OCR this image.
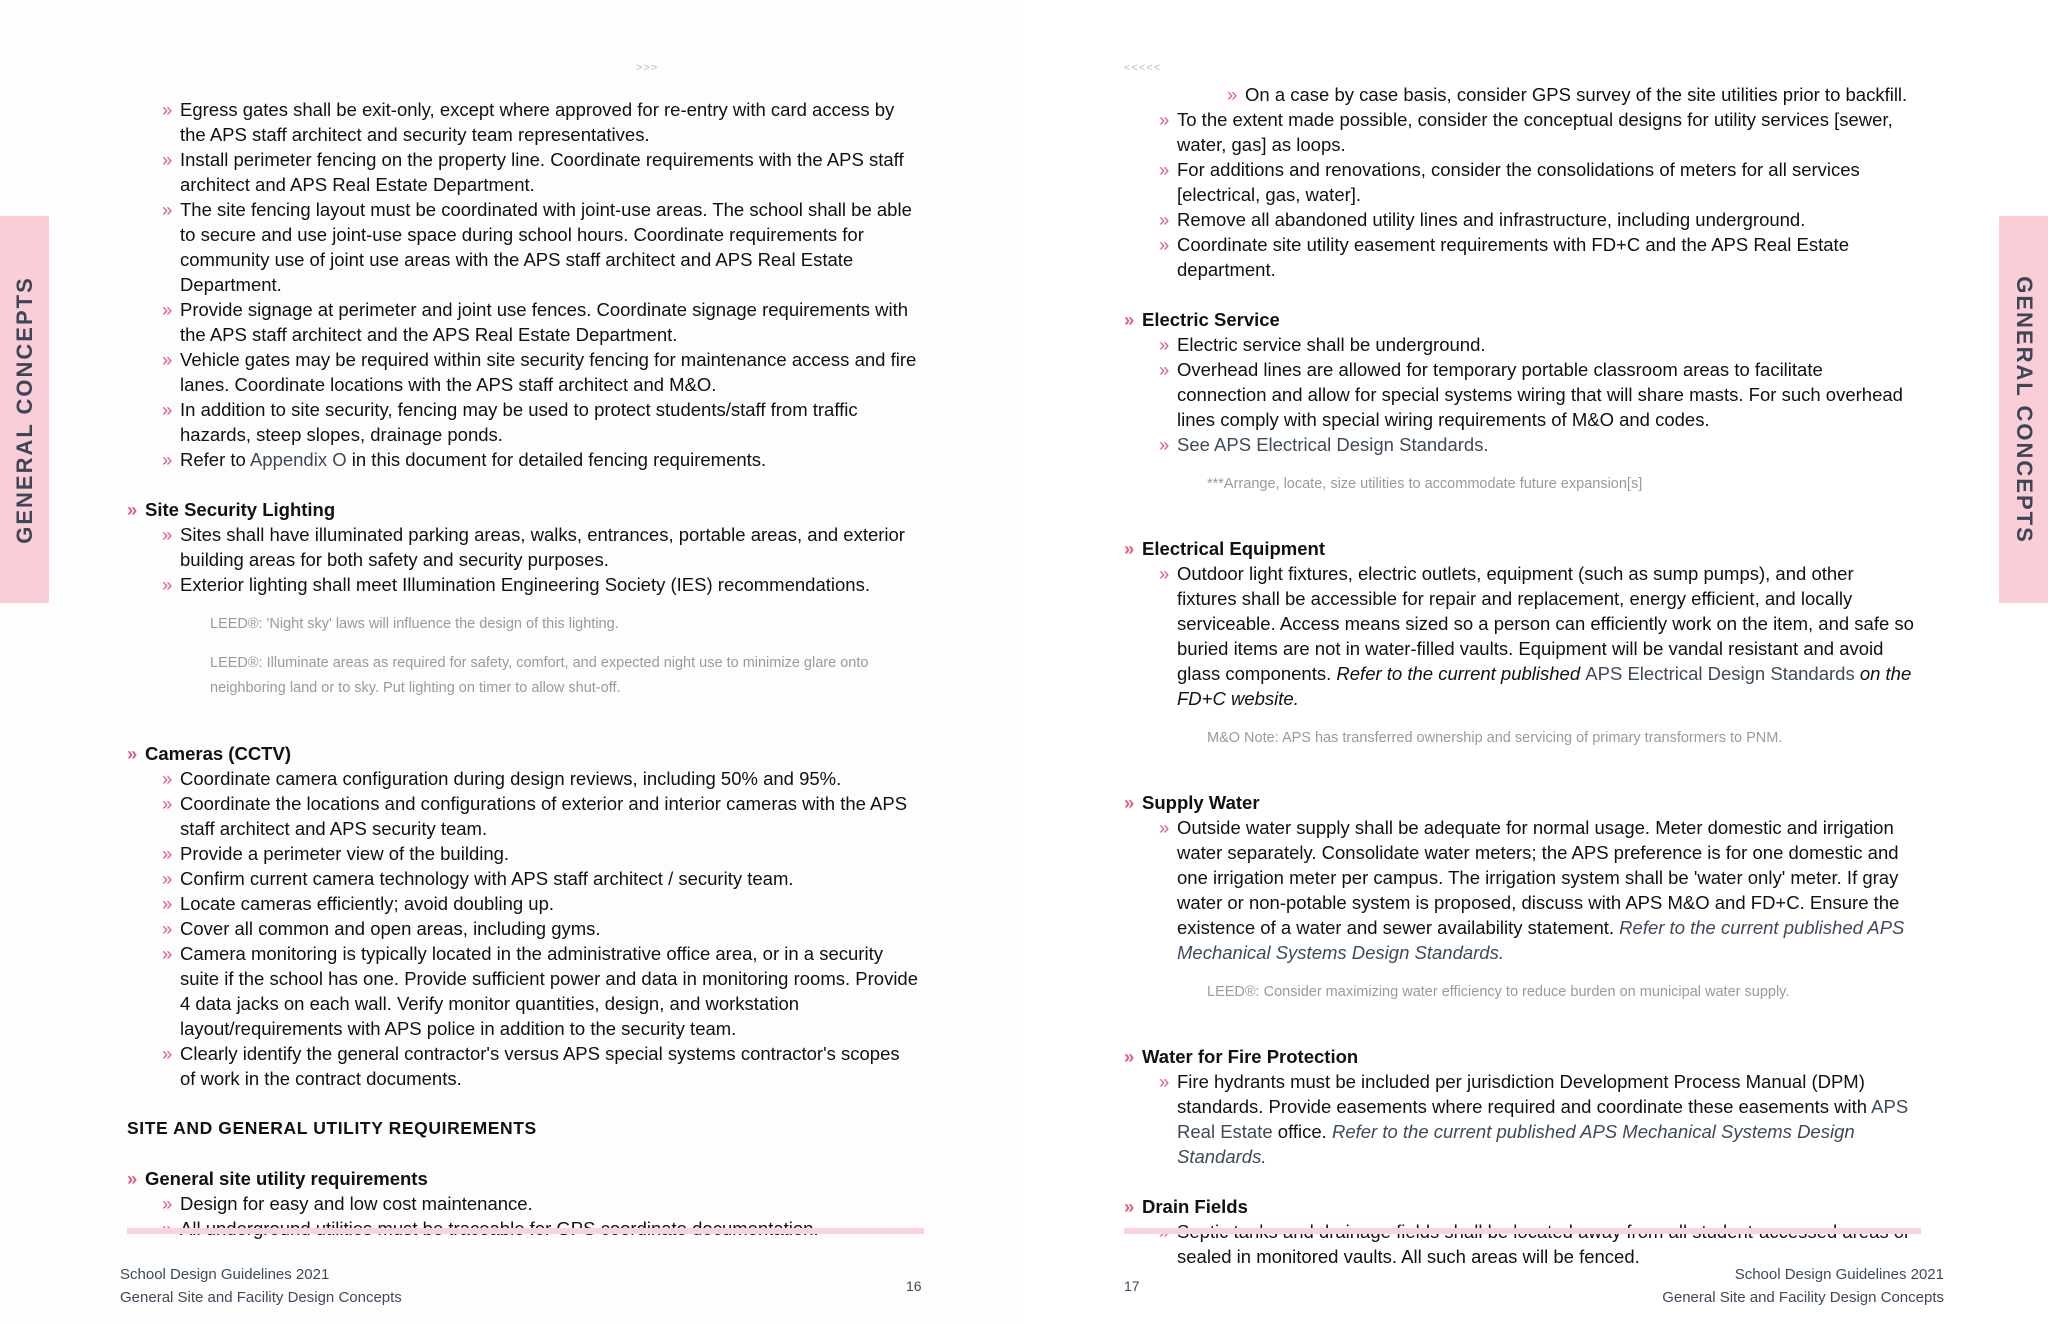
GENERAL CONCEPTS
>>>

» Egress gates shall be exit-only, except where approved for re-entry with card access by the APS staff architect and security team representatives.

» Install perimeter fencing on the property line. Coordinate requirements with the APS staff architect and APS Real Estate Department.

» The site fencing layout must be coordinated with joint-use areas. The school shall be able to secure and use joint-use space during school hours. Coordinate requirements for community use of joint use areas with the APS staff architect and APS Real Estate Department.

» Provide signage at perimeter and joint use fences. Coordinate signage requirements with the APS staff architect and the APS Real Estate Department.

» Vehicle gates may be required within site security fencing for maintenance access and fire lanes. Coordinate locations with the APS staff architect and M&O.

» In addition to site security, fencing may be used to protect students/staff from traffic hazards, steep slopes, drainage ponds.

» Refer to Appendix O in this document for detailed fencing requirements.

» Site Security Lighting

» Sites shall have illuminated parking areas, walks, entrances, portable areas, and exterior building areas for both safety and security purposes.

» Exterior lighting shall meet Illumination Engineering Society (IES) recommendations.

LEED®: 'Night sky' laws will influence the design of this lighting.

LEED®: Illuminate areas as required for safety, comfort, and expected night use to minimize glare onto neighboring land or to sky. Put lighting on timer to allow shut-off.

» Cameras (CCTV)

» Coordinate camera configuration during design reviews, including 50% and 95%.

» Coordinate the locations and configurations of exterior and interior cameras with the APS staff architect and APS security team.

» Provide a perimeter view of the building.

» Confirm current camera technology with APS staff architect / security team.

» Locate cameras efficiently; avoid doubling up.

» Cover all common and open areas, including gyms.

» Camera monitoring is typically located in the administrative office area, or in a security suite if the school has one. Provide sufficient power and data in monitoring rooms. Provide 4 data jacks on each wall. Verify monitor quantities, design, and workstation layout/requirements with APS police in addition to the security team.

» Clearly identify the general contractor's versus APS special systems contractor's scopes of work in the contract documents.

SITE AND GENERAL UTILITY REQUIREMENTS

» General site utility requirements

» Design for easy and low cost maintenance.

»

School Design Guidelines 2021
General Site and Facility Design Concepts
16
GENERAL CONCEPTS
<<<<<

» On a case by case basis, consider GPS survey of the site utilities prior to backfill.

» To the extent made possible, consider the conceptual designs for utility services [sewer, water, gas] as loops.

» For additions and renovations, consider the consolidations of meters for all services [electrical, gas, water].

» Remove all abandoned utility lines and infrastructure, including underground.

» Coordinate site utility easement requirements with FD+C and the APS Real Estate department.

» Electric Service

» Electric service shall be underground.

» Overhead lines are allowed for temporary portable classroom areas to facilitate connection and allow for special systems wiring that will share masts. For such overhead lines comply with special wiring requirements of M&O and codes.

» See APS Electrical Design Standards.

***Arrange, locate, size utilities to accommodate future expansion[s]

» Electrical Equipment

» Outdoor light fixtures, electric outlets, equipment (such as sump pumps), and other fixtures shall be accessible for repair and replacement, energy efficient, and locally serviceable. Access means sized so a person can efficiently work on the item, and safe so buried items are not in water-filled vaults. Equipment will be vandal resistant and avoid glass components. Refer to the current published APS Electrical Design Standards on the FD+C website.

M&O Note: APS has transferred ownership and servicing of primary transformers to PNM.

» Supply Water

» Outside water supply shall be adequate for normal usage. Meter domestic and irrigation water separately. Consolidate water meters; the APS preference is for one domestic and one irrigation meter per campus. The irrigation system shall be 'water only' meter. If gray water or non-potable system is proposed, discuss with APS M&O and FD+C. Ensure the existence of a water and sewer availability statement. Refer to the current published APS Mechanical Systems Design Standards.

LEED®: Consider maximizing water efficiency to reduce burden on municipal water supply.

» Water for Fire Protection

» Fire hydrants must be included per jurisdiction Development Process Manual (DPM) standards. Provide easements where required and coordinate these easements with APS Real Estate office. Refer to the current published APS Mechanical Systems Design Standards.

» Drain Fields

» sealed in monitored vaults. All such areas will be fenced.

School Design Guidelines 2021
General Site and Facility Design Concepts
17
